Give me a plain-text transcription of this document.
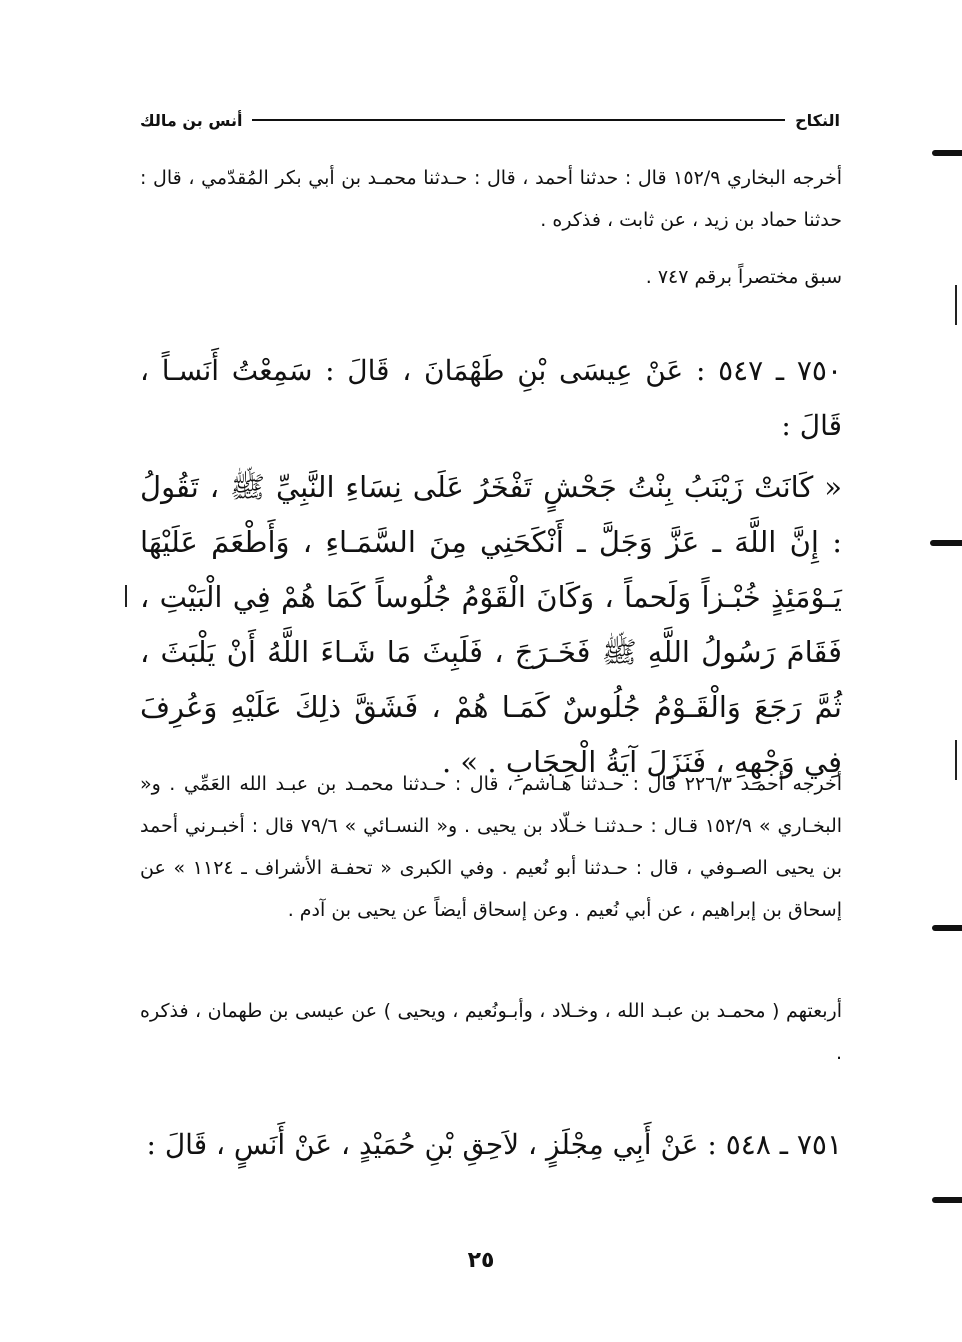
النكاح
أنس بن مالك
أخرجه البخاري ١٥٢/٩ قال : حدثنا أحمد ، قال : حـدثنا محمـد بن أبي بكر المُقدّمي ، قال : حدثنا حماد بن زيد ، عن ثابت ، فذكره .
سبق مختصراً برقم ٧٤٧ .
٧٥٠ ـ ٥٤٧ : عَنْ عِيسَى بْنِ طَهْمَانَ ، قَالَ : سَمِعْتُ أَنَسـاً ، قَالَ :
« كَانَتْ زَيْنَبُ بِنْتُ جَحْشٍ تَفْخَرُ عَلَى نِسَاءِ النَّبِيِّ ﷺ ، تَقُولُ : إِنَّ اللَّهَ ـ عَزَّ وَجَلَّ ـ أَنْكَحَنِي مِنَ السَّمَـاءِ ، وَأَطْعَمَ عَلَيْهَا يَـوْمَئِذٍ خُبْـزاً وَلَحماً ، وَكَانَ الْقَوْمُ جُلُوساً كَمَا هُمْ فِي الْبَيْتِ ، فَقَامَ رَسُولُ اللَّهِ ﷺ فَخَـرَجَ ، فَلَبِثَ مَا شَـاءَ اللَّهُ أَنْ يَلْبَثَ ، ثُمَّ رَجَعَ وَالْقَـوْمُ جُلُوسٌ كَمَـا هُمْ ، فَشَقَّ ذلِكَ عَلَيْهِ وَعُرِفَ فِي وَجْهِهِ ، فَنَزَلَ آيَةُ الْحِجَابِ . » .
أخرجه أحمـد ٢٢٦/٣ قال : حـدثنا هـاشم ، قال : حـدثنا محمـد بن عبـد الله العَمِّي . و« البخـاري » ١٥٢/٩ قـال : حـدثنـا خـلّاد بن يحيى . و« النسـائي » ٧٩/٦ قال : أخبـرني أحمد بن يحيى الصـوفي ، قال : حـدثنا أبو نُعيم . وفي الكبرى « تحفـة الأشراف ـ ١١٢٤ » عن إسحاق بن إبراهيم ، عن أبي نُعيم . وعن إسحاق أيضاً عن يحيى بن آدم .
أربعتهم ( محمـد بن عبـد الله ، وخـلاد ، وأبـونُعيم ، ويحيى ) عن عيسى بن طهمان ، فذكره .
٧٥١ ـ ٥٤٨ : عَنْ أَبِي مِجْلَزٍ ، لاَحِقِ بْنِ حُمَيْدٍ ، عَنْ أَنَسٍ ، قَالَ :
٢٥
